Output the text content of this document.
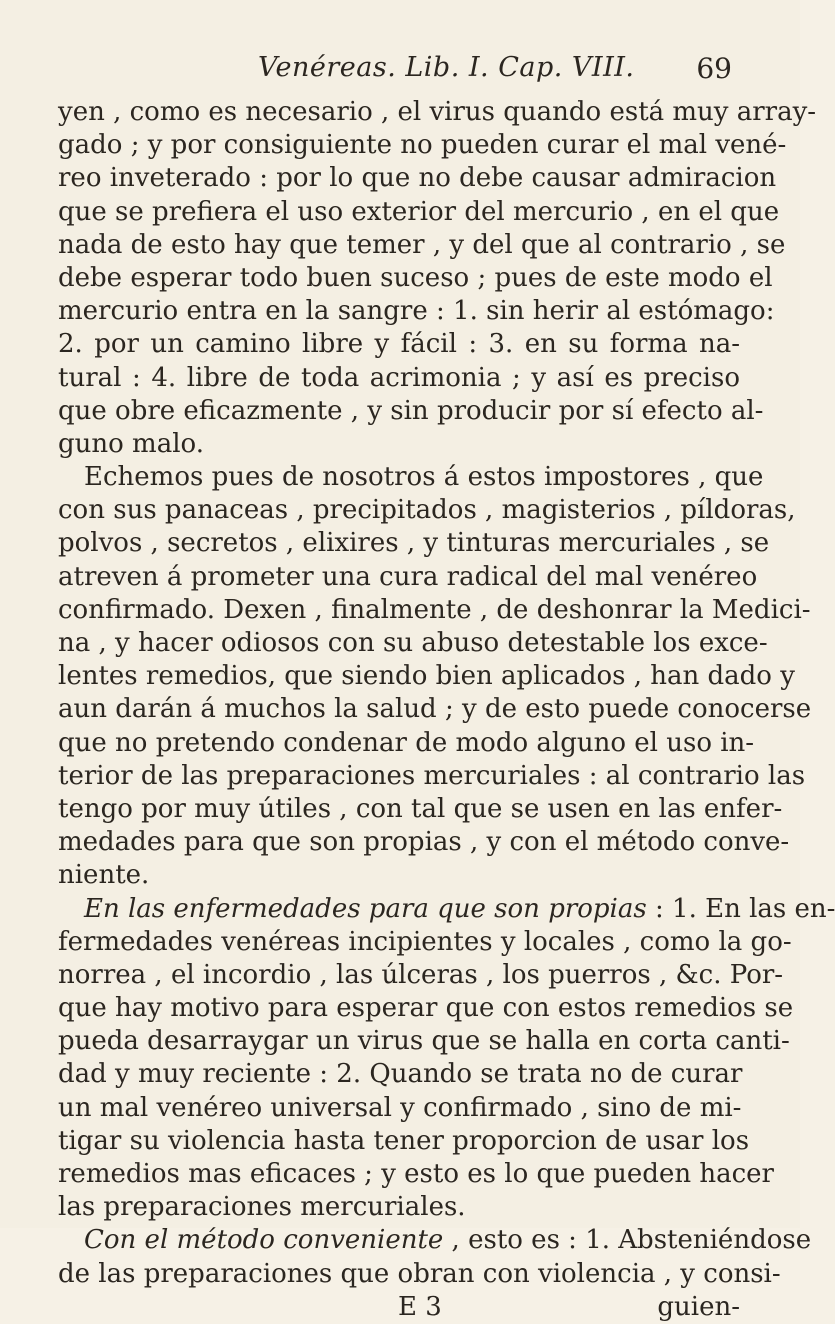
Venéreas. Lib. I. Cap. VIII. 69
yen , como es necesario , el virus quando está muy array-
gado ; y por consiguiente no pueden curar el mal vené-
reo inveterado : por lo que no debe causar admiracion
que se prefiera el uso exterior del mercurio , en el que
nada de esto hay que temer , y del que al contrario , se
debe esperar todo buen suceso ; pues de este modo el
mercurio entra en la sangre : 1. sin herir al estómago:
2. por un camino libre y fácil : 3. en su forma na-
tural : 4. libre de toda acrimonia ; y así es preciso
que obre eficazmente , y sin producir por sí efecto al-
guno malo.
Echemos pues de nosotros á estos impostores , que
con sus panaceas , precipitados , magisterios , píldoras,
polvos , secretos , elixires , y tinturas mercuriales , se
atreven á prometer una cura radical del mal venéreo
confirmado. Dexen , finalmente , de deshonrar la Medici-
na , y hacer odiosos con su abuso detestable los exce-
lentes remedios, que siendo bien aplicados , han dado y
aun darán á muchos la salud ; y de esto puede conocerse
que no pretendo condenar de modo alguno el uso in-
terior de las preparaciones mercuriales : al contrario las
tengo por muy útiles , con tal que se usen en las enfer-
medades para que son propias , y con el método conve-
niente.
En las enfermedades para que son propias : 1. En las en-
fermedades venéreas incipientes y locales , como la go-
norrea , el incordio , las úlceras , los puerros , &c. Por-
que hay motivo para esperar que con estos remedios se
pueda desarraygar un virus que se halla en corta canti-
dad y muy reciente : 2. Quando se trata no de curar
un mal venéreo universal y confirmado , sino de mi-
tigar su violencia hasta tener proporcion de usar los
remedios mas eficaces ; y esto es lo que pueden hacer
las preparaciones mercuriales.
Con el método conveniente , esto es : 1. Absteniéndose
de las preparaciones que obran con violencia , y consi-
E 3	guien-
